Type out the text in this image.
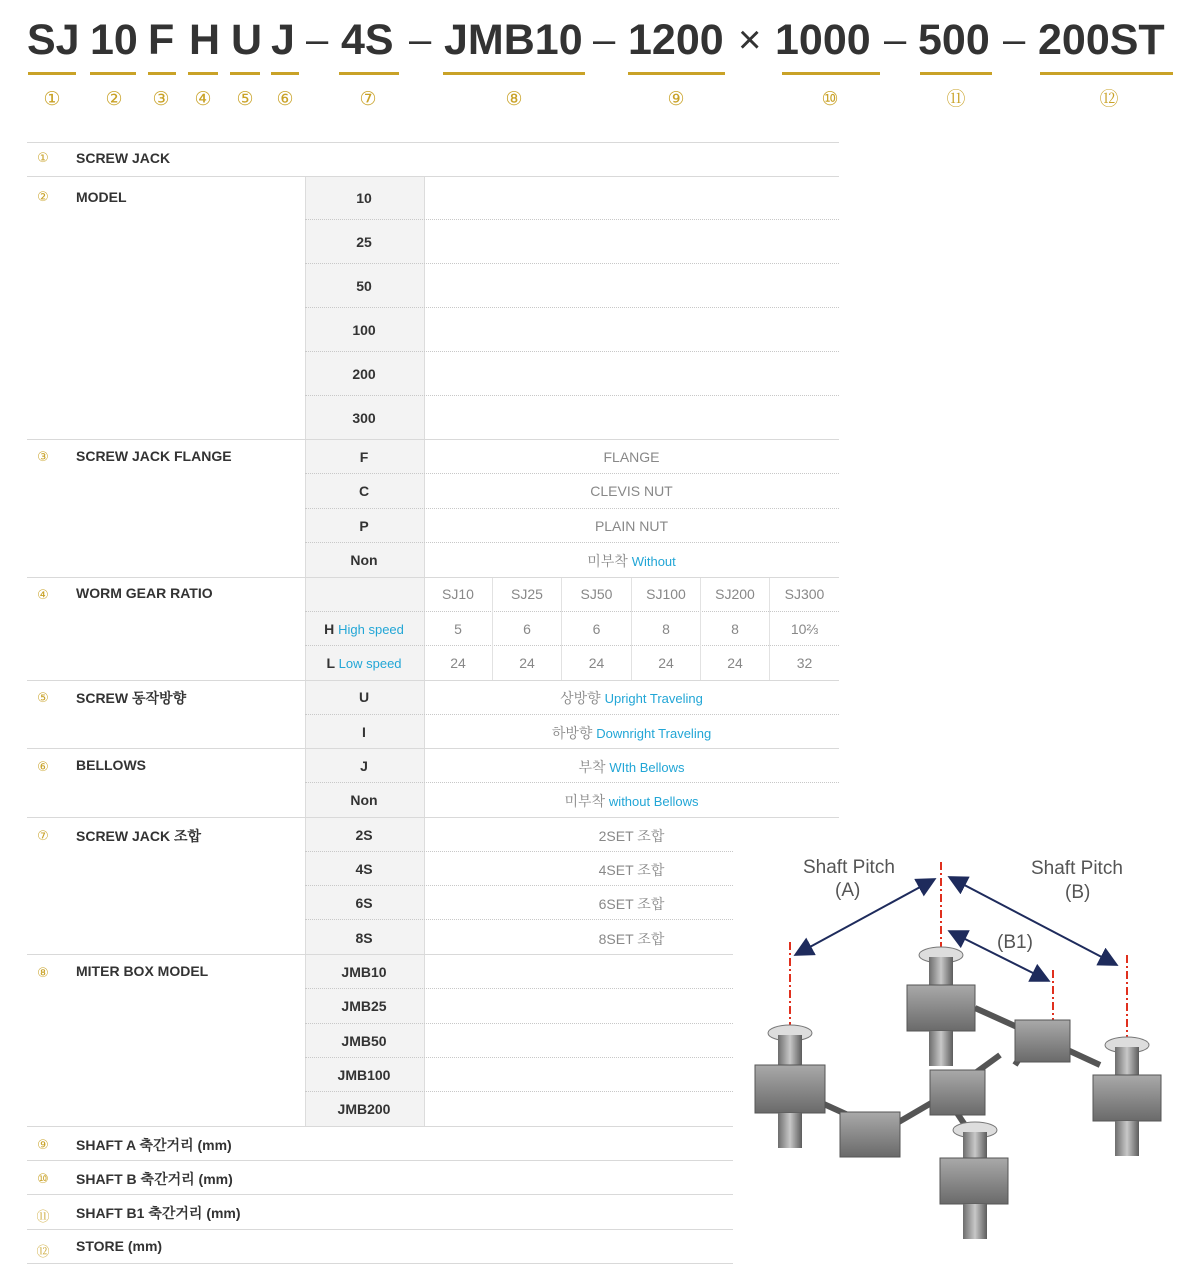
SJ 10 F H U J – 4S – JMB10 – 1200 × 1000 – 500 – 200ST
① ② ③ ④ ⑤ ⑥	⑦	⑧	⑨	⑩	⑪	⑫
① SCREW JACK
② MODEL	10
25
50
100
200
300
③ SCREW JACK FLANGE	F	FLANGE
C	CLEVIS NUT
P	PLAIN NUT
Non	미부착 Without
④ WORM GEAR RATIO	SJ10	SJ25	SJ50	SJ100	SJ200	SJ300
H High speed	5	6	6	8	8	10⅔
L Low speed	24	24	24	24	24	32
⑤ SCREW 동작방향	U	상방향 Upright Traveling
I	하방향 Downright Traveling
⑥ BELLOWS	J	부착 WIth Bellows
Non	미부착 without Bellows
⑦ SCREW JACK 조합	2S	2SET 조합
4S	4SET 조합
6S	6SET 조합
8S	8SET 조합
⑧ MITER BOX MODEL	JMB10
JMB25
JMB50
JMB100
JMB200
⑨ SHAFT A 축간거리 (mm)
⑩ SHAFT B 축간거리 (mm)
⑪ SHAFT B1 축간거리 (mm)
⑫ STORE (mm)
Shaft Pitch
(A)
Shaft Pitch
(B)
(B1)
